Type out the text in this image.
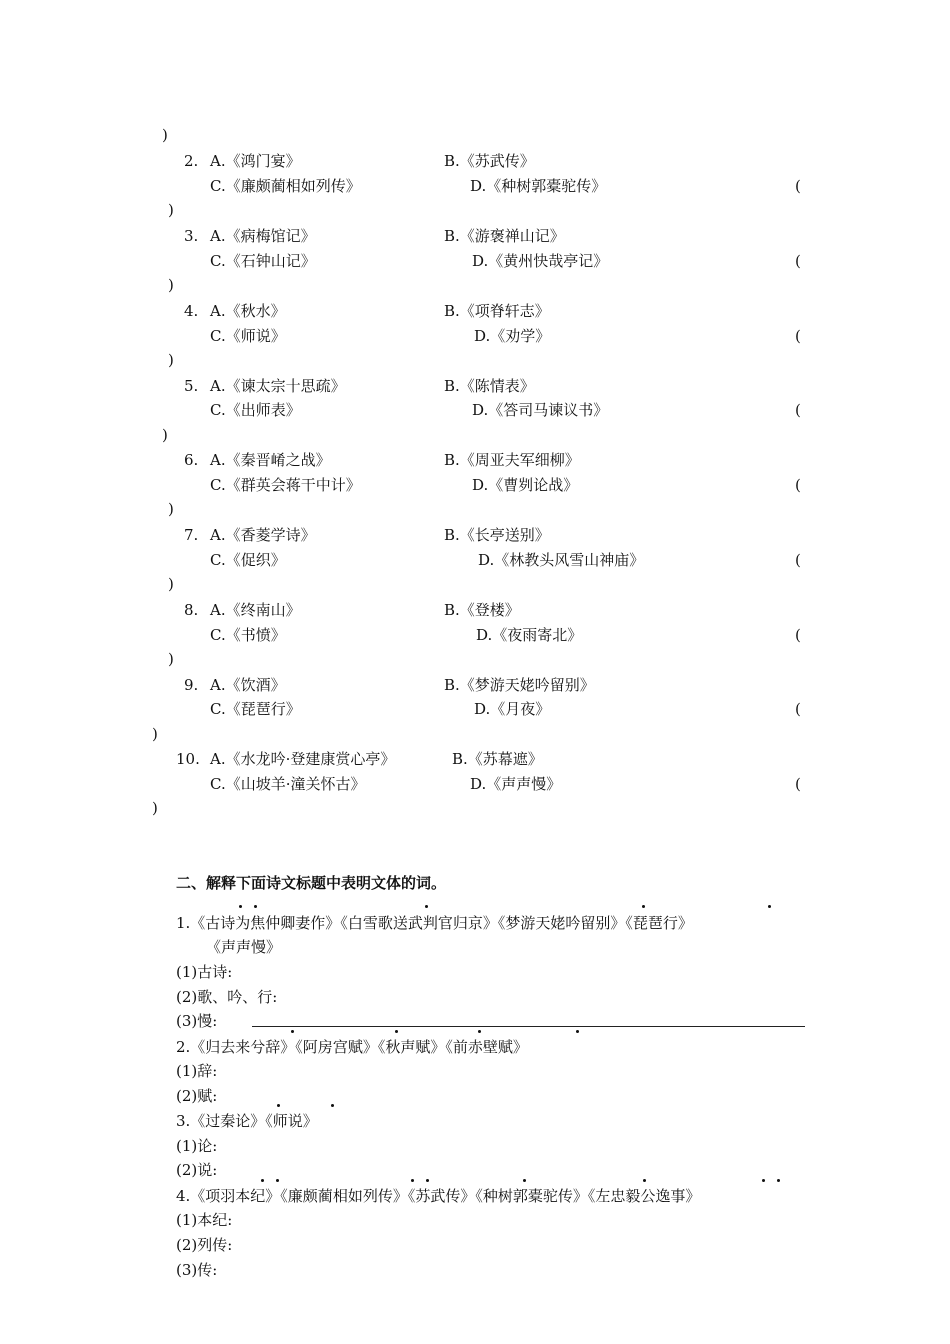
)
2. A.《鸿门宴》	B.《苏武传》
C.《廉颇蔺相如列传》	D.《种树郭橐驼传》	(
)
3. A.《病梅馆记》	B.《游褒禅山记》
C.《石钟山记》	D.《黄州快哉亭记》	(
)
4. A.《秋水》	B.《项脊轩志》
C.《师说》	D.《劝学》	(
)
5. A.《谏太宗十思疏》	B.《陈情表》
C.《出师表》	D.《答司马谏议书》	(
)
6. A.《秦晋崤之战》	B.《周亚夫军细柳》
C.《群英会蒋干中计》	D.《曹刿论战》	(
)
7. A.《香菱学诗》	B.《长亭送别》
C.《促织》	D.《林教头风雪山神庙》	(
)
8. A.《终南山》	B.《登楼》
C.《书愤》	D.《夜雨寄北》	(
)
9. A.《饮酒》	B.《梦游天姥吟留别》
C.《琵琶行》	D.《月夜》	(
)
10. A.《水龙吟·登建康赏心亭》	B.《苏幕遮》
C.《山坡羊·潼关怀古》	D.《声声慢》	(
)
二、解释下面诗文标题中表明文体的词。
1.《古诗为焦仲卿妻作》《白雪歌送武判官归京》《梦游天姥吟留别》《琵琶行》
《声声慢》
(1)古诗:
(2)歌、吟、行:
(3)慢:
2.《归去来兮辞》《阿房宫赋》《秋声赋》《前赤壁赋》
(1)辞:
(2)赋:
3.《过秦论》《师说》
(1)论:
(2)说:
4.《项羽本纪》《廉颇蔺相如列传》《苏武传》《种树郭橐驼传》《左忠毅公逸事》
(1)本纪:
(2)列传:
(3)传:
